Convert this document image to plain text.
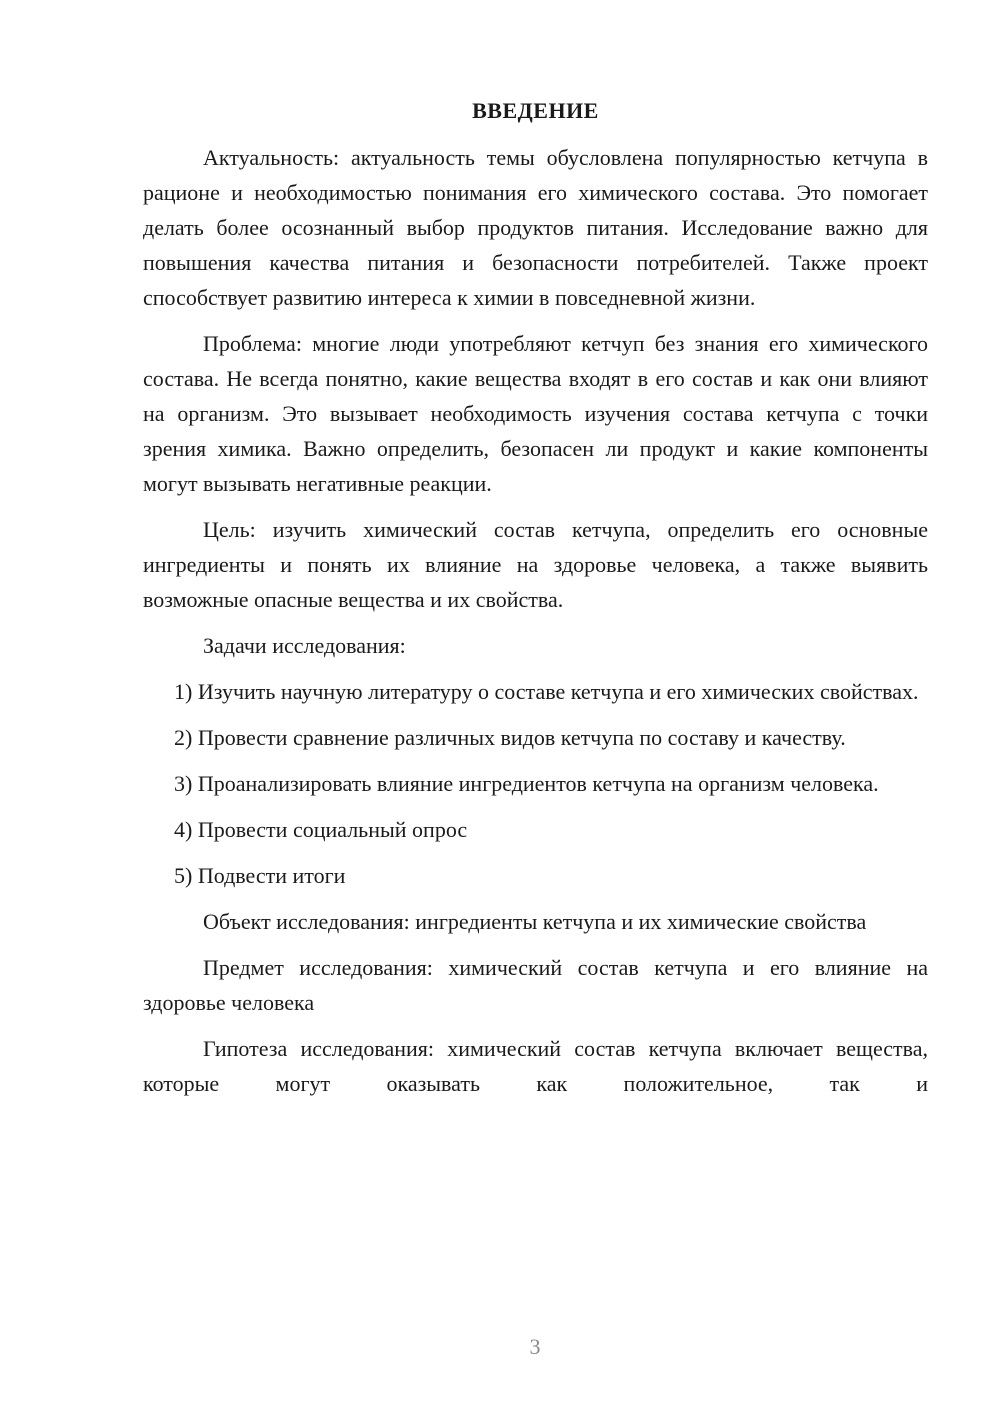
ВВЕДЕНИЕ

Актуальность: актуальность темы обусловлена популярностью кетчупа в рационе и необходимостью понимания его химического состава. Это помогает делать более осознанный выбор продуктов питания. Исследование важно для повышения качества питания и безопасности потребителей. Также проект способствует развитию интереса к химии в повседневной жизни.

Проблема: многие люди употребляют кетчуп без знания его химического состава. Не всегда понятно, какие вещества входят в его состав и как они влияют на организм. Это вызывает необходимость изучения состава кетчупа с точки зрения химика. Важно определить, безопасен ли продукт и какие компоненты могут вызывать негативные реакции.

Цель: изучить химический состав кетчупа, определить его основные ингредиенты и понять их влияние на здоровье человека, а также выявить возможные опасные вещества и их свойства.

Задачи исследования:

1) Изучить научную литературу о составе кетчупа и его химических свойствах.

2) Провести сравнение различных видов кетчупа по составу и качеству.

3) Проанализировать влияние ингредиентов кетчупа на организм человека.

4) Провести социальный опрос

5) Подвести итоги

Объект исследования: ингредиенты кетчупа и их химические свойства

Предмет исследования: химический состав кетчупа и его влияние на здоровье человека

Гипотеза исследования: химический состав кетчупа включает вещества, которые могут оказывать как положительное, так и

3
